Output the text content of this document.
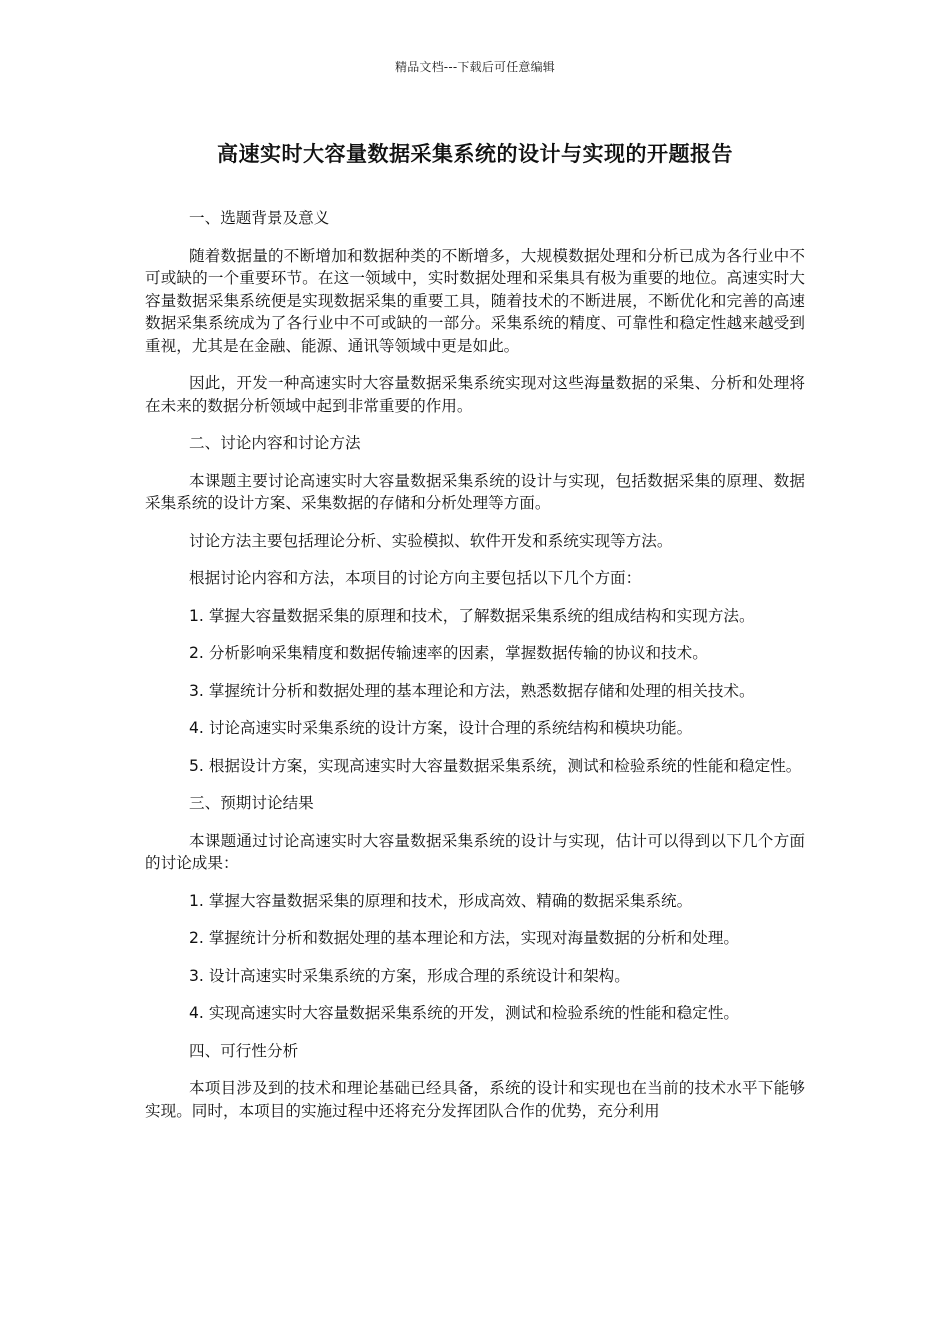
精品文档---下载后可任意编辑
高速实时大容量数据采集系统的设计与实现的开题报告

一、选题背景及意义

随着数据量的不断增加和数据种类的不断增多，大规模数据处理和分析已成为各行业中不可或缺的一个重要环节。在这一领域中，实时数据处理和采集具有极为重要的地位。高速实时大容量数据采集系统便是实现数据采集的重要工具，随着技术的不断进展，不断优化和完善的高速数据采集系统成为了各行业中不可或缺的一部分。采集系统的精度、可靠性和稳定性越来越受到重视，尤其是在金融、能源、通讯等领域中更是如此。

因此，开发一种高速实时大容量数据采集系统实现对这些海量数据的采集、分析和处理将在未来的数据分析领域中起到非常重要的作用。

二、讨论内容和讨论方法

本课题主要讨论高速实时大容量数据采集系统的设计与实现，包括数据采集的原理、数据采集系统的设计方案、采集数据的存储和分析处理等方面。

讨论方法主要包括理论分析、实验模拟、软件开发和系统实现等方法。

根据讨论内容和方法，本项目的讨论方向主要包括以下几个方面：

1. 掌握大容量数据采集的原理和技术，了解数据采集系统的组成结构和实现方法。

2. 分析影响采集精度和数据传输速率的因素，掌握数据传输的协议和技术。

3. 掌握统计分析和数据处理的基本理论和方法，熟悉数据存储和处理的相关技术。

4. 讨论高速实时采集系统的设计方案，设计合理的系统结构和模块功能。

5. 根据设计方案，实现高速实时大容量数据采集系统，测试和检验系统的性能和稳定性。

三、预期讨论结果

本课题通过讨论高速实时大容量数据采集系统的设计与实现，估计可以得到以下几个方面的讨论成果：

1. 掌握大容量数据采集的原理和技术，形成高效、精确的数据采集系统。

2. 掌握统计分析和数据处理的基本理论和方法，实现对海量数据的分析和处理。

3. 设计高速实时采集系统的方案，形成合理的系统设计和架构。

4. 实现高速实时大容量数据采集系统的开发，测试和检验系统的性能和稳定性。

四、可行性分析

本项目涉及到的技术和理论基础已经具备，系统的设计和实现也在当前的技术水平下能够实现。同时，本项目的实施过程中还将充分发挥团队合作的优势，充分利用
